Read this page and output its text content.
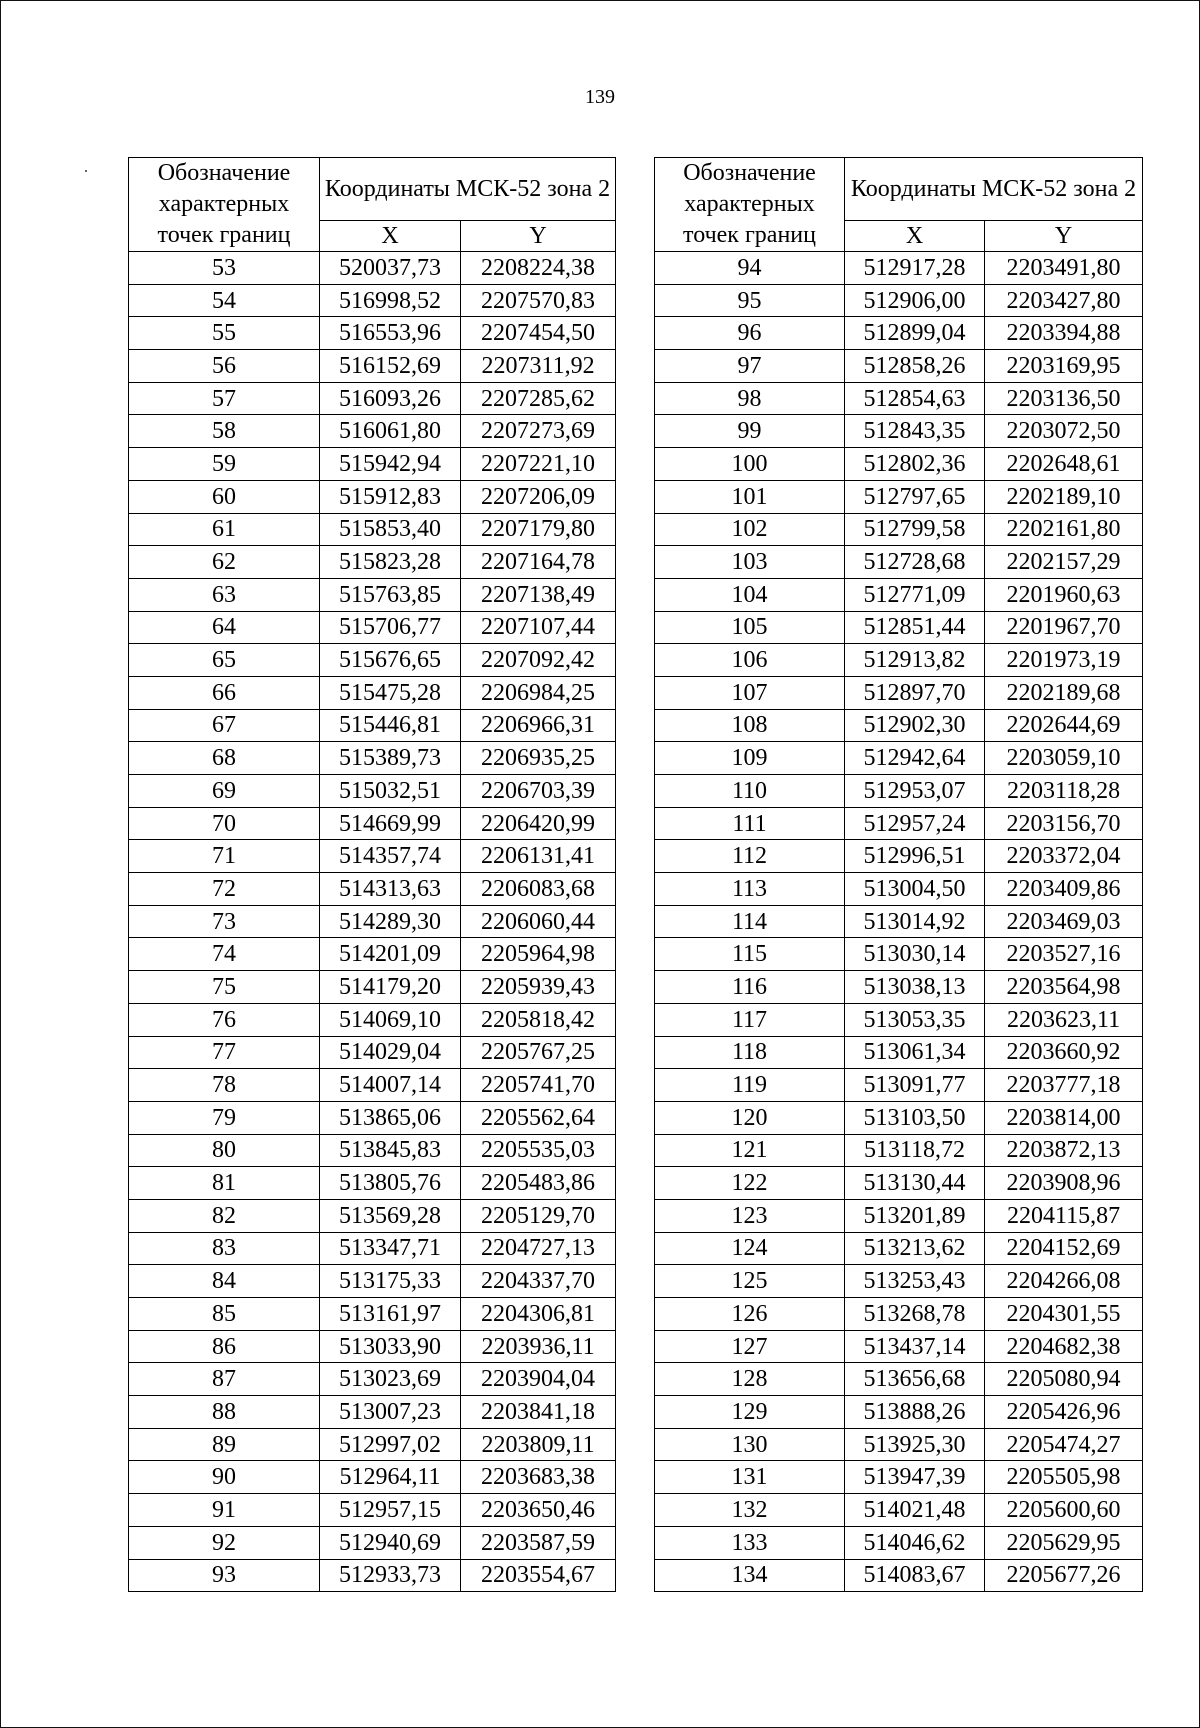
139
Обозначение характерных точек границ	Координаты МСК-52 зона 2	
	X	Y
53	520037,73	2208224,38
54	516998,52	2207570,83
55	516553,96	2207454,50
56	516152,69	2207311,92
57	516093,26	2207285,62
58	516061,80	2207273,69
59	515942,94	2207221,10
60	515912,83	2207206,09
61	515853,40	2207179,80
62	515823,28	2207164,78
63	515763,85	2207138,49
64	515706,77	2207107,44
65	515676,65	2207092,42
66	515475,28	2206984,25
67	515446,81	2206966,31
68	515389,73	2206935,25
69	515032,51	2206703,39
70	514669,99	2206420,99
71	514357,74	2206131,41
72	514313,63	2206083,68
73	514289,30	2206060,44
74	514201,09	2205964,98
75	514179,20	2205939,43
76	514069,10	2205818,42
77	514029,04	2205767,25
78	514007,14	2205741,70
79	513865,06	2205562,64
80	513845,83	2205535,03
81	513805,76	2205483,86
82	513569,28	2205129,70
83	513347,71	2204727,13
84	513175,33	2204337,70
85	513161,97	2204306,81
86	513033,90	2203936,11
87	513023,69	2203904,04
88	513007,23	2203841,18
89	512997,02	2203809,11
90	512964,11	2203683,38
91	512957,15	2203650,46
92	512940,69	2203587,59
93	512933,73	2203554,67
Обозначение характерных точек границ	Координаты МСК-52 зона 2	
	X	Y
94	512917,28	2203491,80
95	512906,00	2203427,80
96	512899,04	2203394,88
97	512858,26	2203169,95
98	512854,63	2203136,50
99	512843,35	2203072,50
100	512802,36	2202648,61
101	512797,65	2202189,10
102	512799,58	2202161,80
103	512728,68	2202157,29
104	512771,09	2201960,63
105	512851,44	2201967,70
106	512913,82	2201973,19
107	512897,70	2202189,68
108	512902,30	2202644,69
109	512942,64	2203059,10
110	512953,07	2203118,28
111	512957,24	2203156,70
112	512996,51	2203372,04
113	513004,50	2203409,86
114	513014,92	2203469,03
115	513030,14	2203527,16
116	513038,13	2203564,98
117	513053,35	2203623,11
118	513061,34	2203660,92
119	513091,77	2203777,18
120	513103,50	2203814,00
121	513118,72	2203872,13
122	513130,44	2203908,96
123	513201,89	2204115,87
124	513213,62	2204152,69
125	513253,43	2204266,08
126	513268,78	2204301,55
127	513437,14	2204682,38
128	513656,68	2205080,94
129	513888,26	2205426,96
130	513925,30	2205474,27
131	513947,39	2205505,98
132	514021,48	2205600,60
133	514046,62	2205629,95
134	514083,67	2205677,26
